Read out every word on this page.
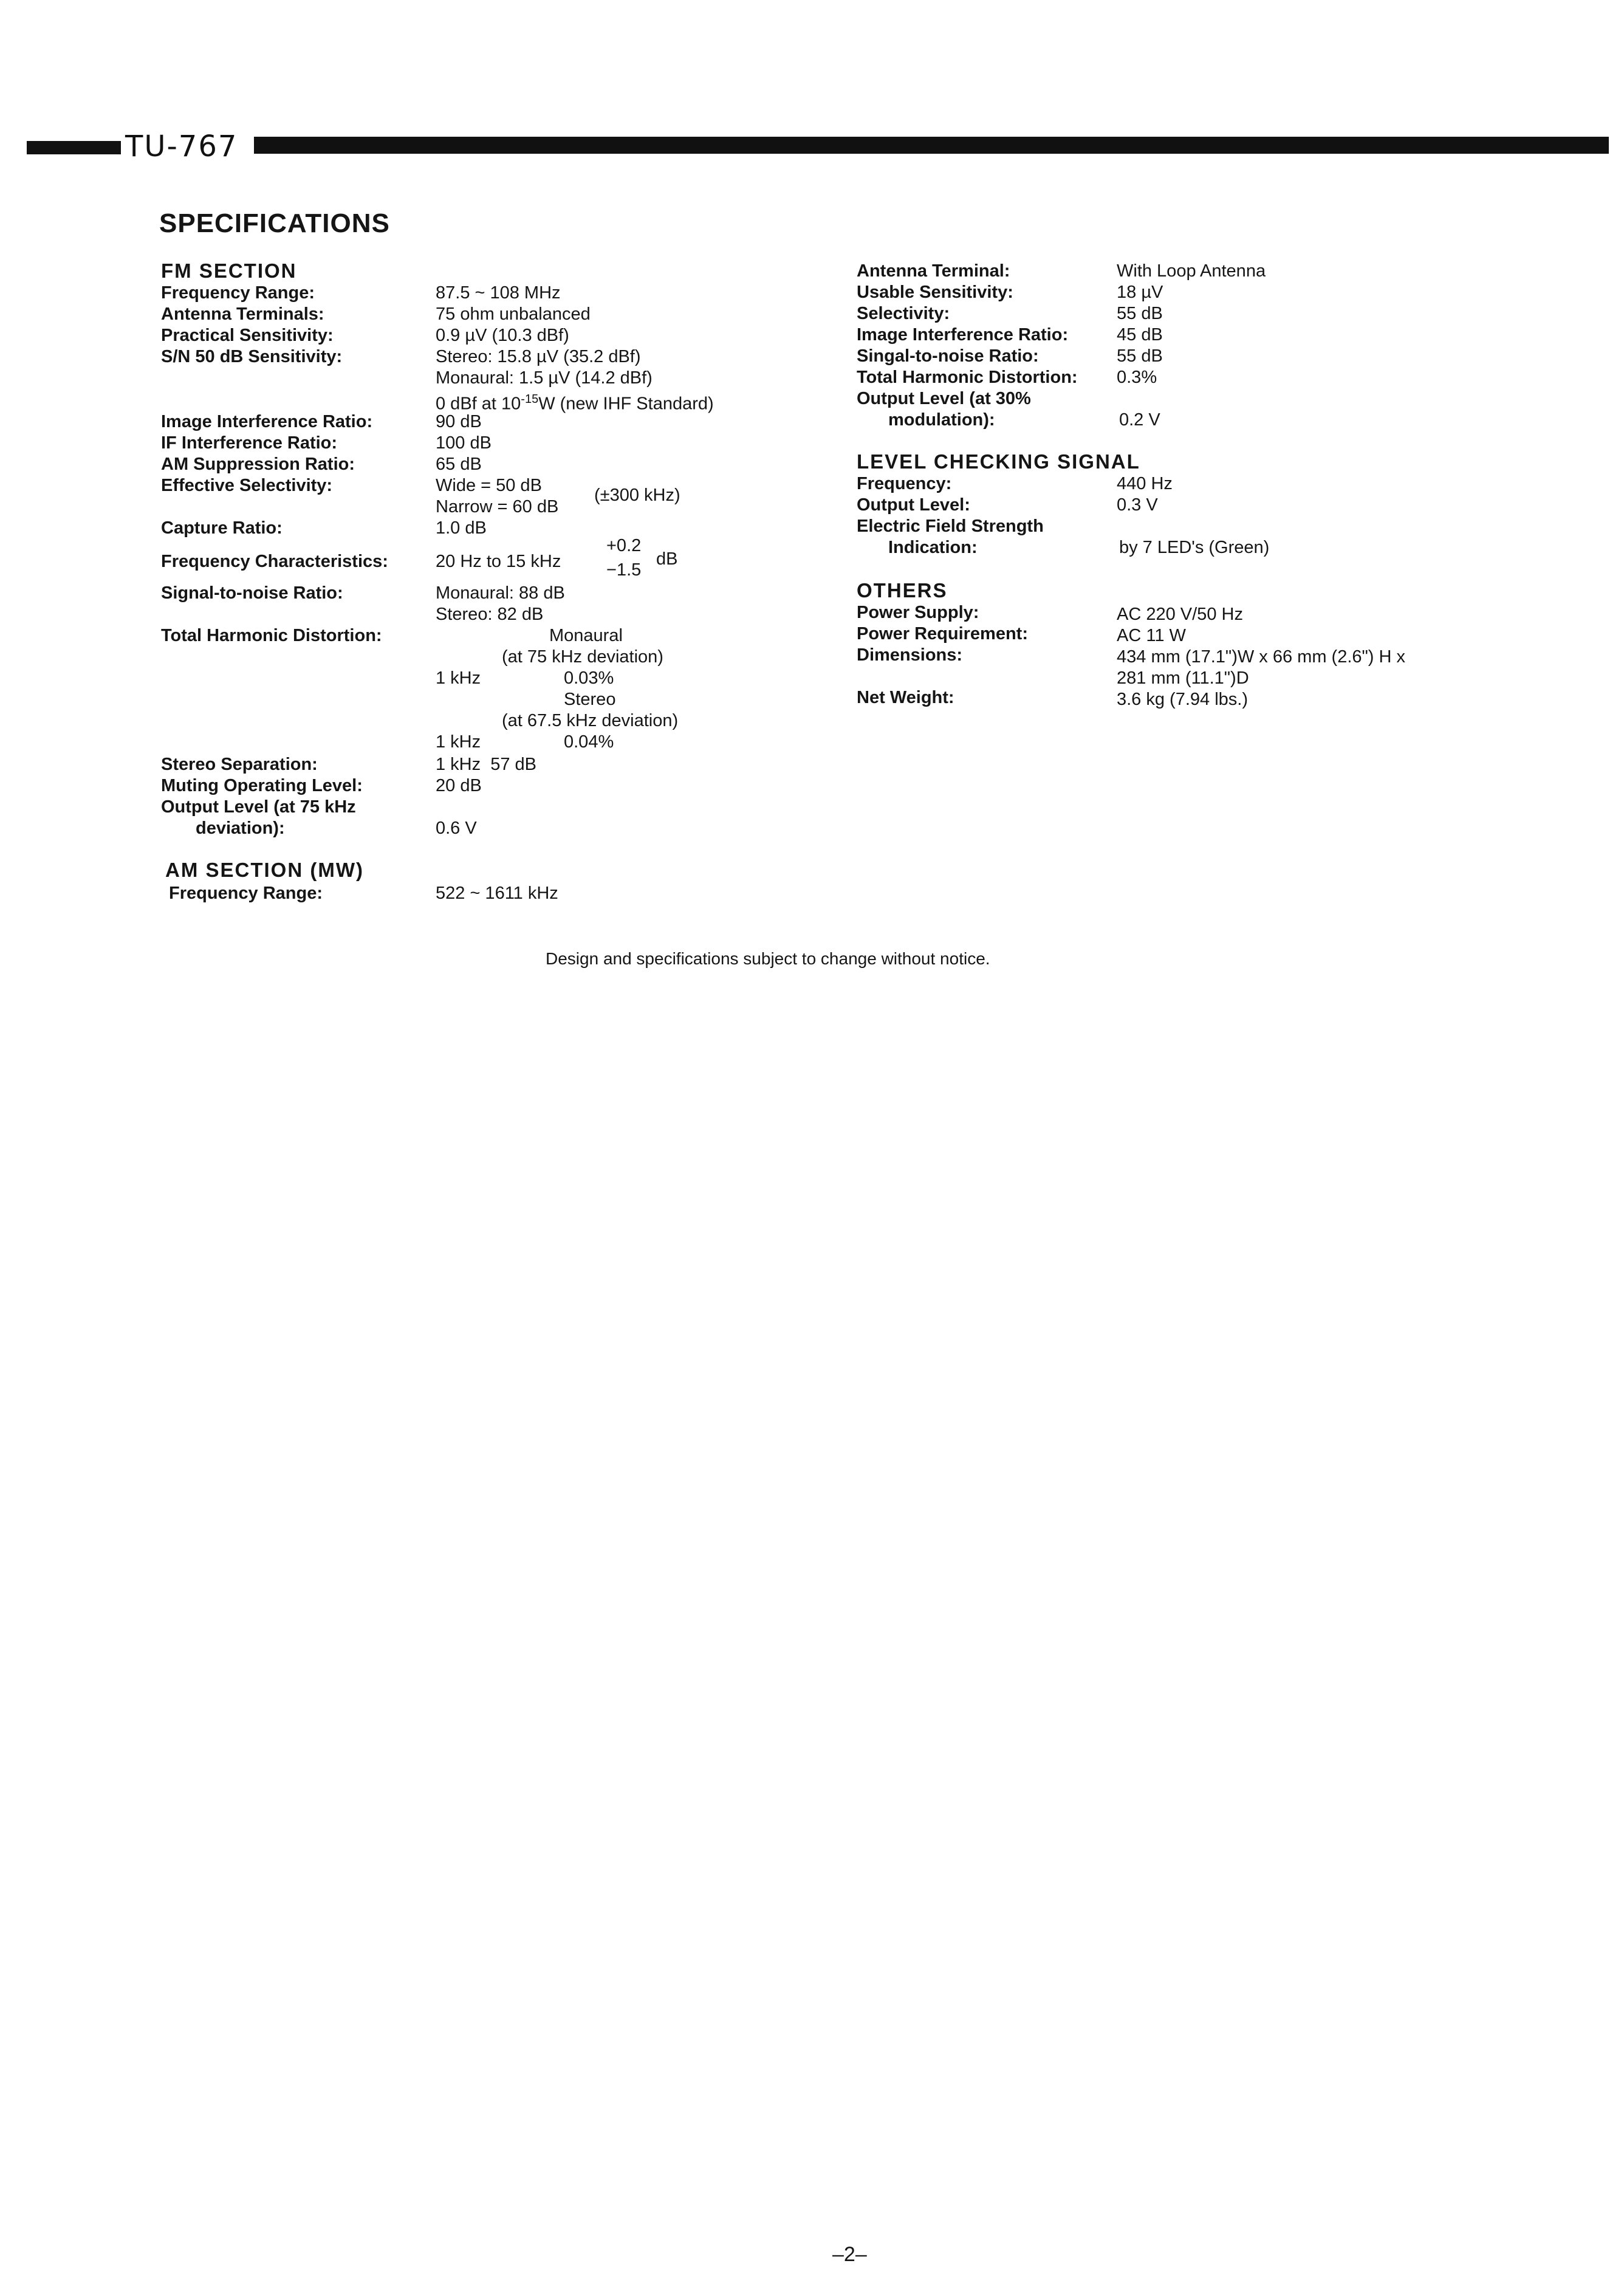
TU-767
SPECIFICATIONS
FM SECTION
Frequency Range:	87.5 ~ 108 MHz
Antenna Terminals:	75 ohm unbalanced
Practical Sensitivity:	0.9 µV (10.3 dBf)
S/N 50 dB Sensitivity:	Stereo: 15.8 µV (35.2 dBf)
Monaural: 1.5 µV (14.2 dBf)
0 dBf at $10^{-15}W$ (new IHF Standard)
Image Interference Ratio:	90 dB
IF Interference Ratio:	100 dB
AM Suppression Ratio:	65 dB
Effective Selectivity:	Wide = 50 dB
Narrow = 60 dB
(±300 kHz)
Capture Ratio:	1.0 dB
Frequency Characteristics:	20 Hz to 15 kHz
+0.2
−1.5
dB
Signal-to-noise Ratio:	Monaural: 88 dB
Stereo: 82 dB
Total Harmonic Distortion:	Monaural
(at 75 kHz deviation)
1 kHz	0.03%
Stereo
(at 67.5 kHz deviation)
1 kHz	0.04%
Stereo Separation:	1 kHz  57 dB
Muting Operating Level:	20 dB
Output Level (at 75 kHz
deviation):	0.6 V
AM SECTION (MW)
Frequency Range:	522 ~ 1611 kHz
Antenna Terminal:	With Loop Antenna
Usable Sensitivity:	18 µV
Selectivity:	55 dB
Image Interference Ratio:	45 dB
Singal-to-noise Ratio:	55 dB
Total Harmonic Distortion: 0.3%
Output Level (at 30%
modulation):	0.2 V
LEVEL CHECKING SIGNAL
Frequency:	440 Hz
Output Level:	0.3 V
Electric Field Strength
Indication:	by 7 LED's (Green)
OTHERS
Power Supply:	AC 220 V/50 Hz
Power Requirement:	AC 11 W
Dimensions:	434 mm (17.1")W x 66 mm (2.6") H x
281 mm (11.1")D
Net Weight:	3.6 kg (7.94 lbs.)
Design and specifications subject to change without notice.
–2–
